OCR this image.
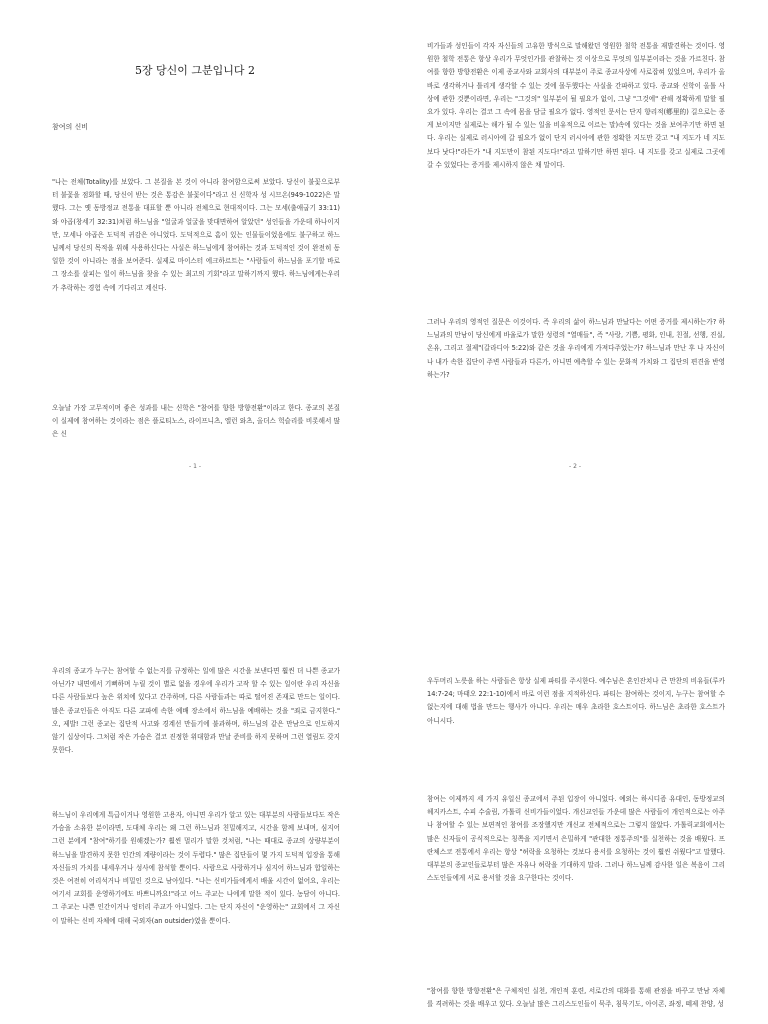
5장 당신이 그분입니다 2

참여의 신비

"나는 전체(Totality)를 보았다. 그 본질을 본 것이 아니라 참여함으로써 보았다. 당신이 불꽃으로부터 불꽃을 점화할 때, 당신이 받는 것은 통감은 불꽃이다"라고 신 신학자 성 시므온(949-1022)은 말했다. 그는 옛 동방정교 전통을 대표할 뿐 아니라 전체으로 현대적이다. 그는 모세(출애굽기 33:11)와 야곱(창세기 32:31)처럼 하느님을 "얼굴과 얼굴을 맞대면하여 알았던" 성인들을 가운데 하나이지만, 모세나 야곱은 도덕적 귀감은 아니었다. 도덕적으로 흠이 있는 인물들이었음에도 불구하고 하느님께서 당신의 목적을 위해 사용하신다는 사실은 하느님에게 참여하는 것과 도덕적인 것이 완전히 동일한 것이 아니라는 점을 보여준다. 실제로 마이스터 에크하르트는 "사람들이 하느님을 포기할 바로 그 장소를 살피는 일이 하느님을 찾을 수 있는 최고의 기회"라고 말하기까지 했다. 하느님에게는우리가 추락하는 경험 속에 기다리고 계신다.

오늘날 가장 고무적이며 좋은 성과를 내는 신학은 "참여를 향한 방향전환"이라고 한다. 종교의 본질이 실제에 참여하는 것이라는 점은 플로티노스, 라이프니츠, 엘런 와츠, 올더스 헉슬리를 비롯해서 많은 신

- 1 -

비가들과 성인들이 각자 자신들의 고유한 방식으로 말해왔던 영원한 철학 전통을 재발견하는 것이다. 영원한 철학 전통은 항상 우리가 무엇인가를 관찰하는 것 이상으로 무엇의 일부분이라는 것을 가르친다. 참여를 향한 방향전환은 이제 종교사와 교회사의 대부분이 주로 종교사상에 사로잡혀 있었으며, 우리가 올바로 생각하거나 틀리게 생각할 수 있는 것에 몰두했다는 사실을 간파하고 있다. 종교와 신학이 올톨 사상에 관한 것뿐이라면, 우리는 "그것의" 일부분이 될 필요가 없이, 그냥 "그것에" 관해 정확하게 말할 필요가 있다. 우리는 결코 그 속에 몸을 담글 필요가 없다. 영적인 문서는 단지 향리적(鄕里的) 길으로는 종게 보이지만 실제로는 해가 될 수 있는 일을 비유적으로 이르는 말)속에 있다는 것을 보여주기만 하면 된다. 우리는 실제로 러시아에 갈 필요가 없이 단지 러시아에 관한 정확한 지도만 갖고 "내 지도가 네 지도보다 낫다!"라든가 "내 지도만이 참된 지도다!"라고 말하기만 하면 된다. 내 지도를 갖고 실제로 그곳에 갈 수 있었다는 증거를 제시하지 않은 채 말이다.

그러나 우리의 영적인 질문은 이것이다. 즉 우리의 삶이 하느님과 만났다는 어떤 증거를 제시하는가? 하느님과의 만남이 당신에게 바울로가 말한 성령의 "열매들", 즉 "사랑, 기쁨, 평화, 인내, 친절, 선행, 진실, 온유, 그리고 절제"(갈라디아 5:22)와 같은 것을 우리에게 가져다주었는가? 하느님과 만난 후 나 자신이나 내가 속한 집단이 주변 사람들과 다른가, 아니면 예측할 수 있는 문화적 가치와 그 집단의 편견을 반영하는가?

- 2 -

우리의 종교가 누구는 참여할 수 없는지를 규정하는 일에 많은 시간을 보낸다면 훨씬 더 나쁜 종교가 아닌가? 내면에서 기뻐하며 누릴 것이 별로 없을 경우에 우리가 고작 할 수 있는 일이란 우리 자신을 다른 사람들보다 높은 위치에 있다고 간주하며, 다른 사람들과는 따로 떨어진 존재로 만드는 일이다. 많은 종교인들은 아직도 다른 교파에 속한 예배 장소에서 하느님을 예배하는 것을 "죄로 금지한다." 오, 제발! 그런 종교는 집단적 사고와 경계선 만들기에 불과하며, 하느님의 같은 만남으로 인도하지 않기 십상이다. 그처럼 작은 가슴은 결코 진정한 위대함과 만날 준비를 하지 못하며 그런 열림도 갖지 못한다.

하느님이 우리에게 특급이거나 영원한 고용자, 아니면 우리가 알고 있는 대부분의 사람들보다도 작은 가슴을 소유한 분이라면, 도대체 우리는 왜 그런 하느님과 친밀해지고, 시간을 함께 보내며, 심지어 그런 분에게 "참여"하기를 원해겠는가? 훨씬 멀리가 말한 것처럼, "나는 때대로 종교의 상량부분이 하느님을 발견하지 못한 인간의 계량이라는 것이 두렵다." 많은 집단들이 몇 가지 도덕적 입장을 통해 자신들의 가치를 내세우거나 성사에 참석할 뿐이다. 사람으로 사랑하거나 심지어 하느님과 합일하는 것은 여전히 어리석거나 비밀인 것으로 남아있다. "나는 신비가들에게서 배울 시간이 없어요, 우리는 여기서 교회를 운영하기에도 바쁘니까요!"라고 어느 주교는 나에게 말한 적이 있다. 농담이 아니다. 그 주교는 나쁜 인간이거나 엉터리 주교가 아니었다. 그는 단지 자신이 "운영하는" 교회에서 그 자신이 말하는 신비 자체에 대해 국외자(an outsider)였을 뿐이다.

우두머리 노릇을 하는 사람들은 항상 실제 파티를 주시한다. 예수님은 혼인잔치나 큰 만찬의 비유들(루카 14:7-24; 마태오 22:1-10)에서 바로 이런 점을 지적하신다. 파티는 참여하는 것이지, 누구는 참여할 수 없는지에 대해 법을 만드는 행사가 아니다. 우리는 매우 초라한 호스트이다. 하느님은 초라한 호스트가 아니시다.

참여는 이제까지 세 가지 유일신 종교에서 주된 입장이 아니었다. 예외는 하시디즘 유대인, 동방정교의 헤지카스트, 수피 수술림, 가톨릭 신비가들이었다. 개신교인들 가운데 많은 사람들이 개인적으로는 아주 나 참여할 수 있는 보편적인 참여를 조장했지만 개신교 전체적으로는 그렇지 않았다. 가톨릭교회에서는 많은 신자들이 공식적으로는 칭쪽을 지키면서 은밀하게 "관대한 정통주의"를 실천하는 것을 배웠다. 프란체스코 전통에서 우리는 항상 "허락을 요청하는 것보다 용서를 요청하는 것이 훨씬 쉬웠다"고 말했다. 대부분의 종교인들로부터 많은 자유나 허락을 기대하지 말라. 그러나 하느님께 감사한 일은 복음이 그리스도인들에게 서로 용서할 것을 요구한다는 것이다.

"참여를 향한 방향전환"은 구체적인 실천, 개인적 훈련, 서로간의 대화를 통해 관점을 바꾸고 만남 자체를 격려하는 것을 배우고 있다. 오늘날 많은 그리스도인들이 묵주, 침묵기도, 아이콘, 좌정, 떼제 찬양, 성
